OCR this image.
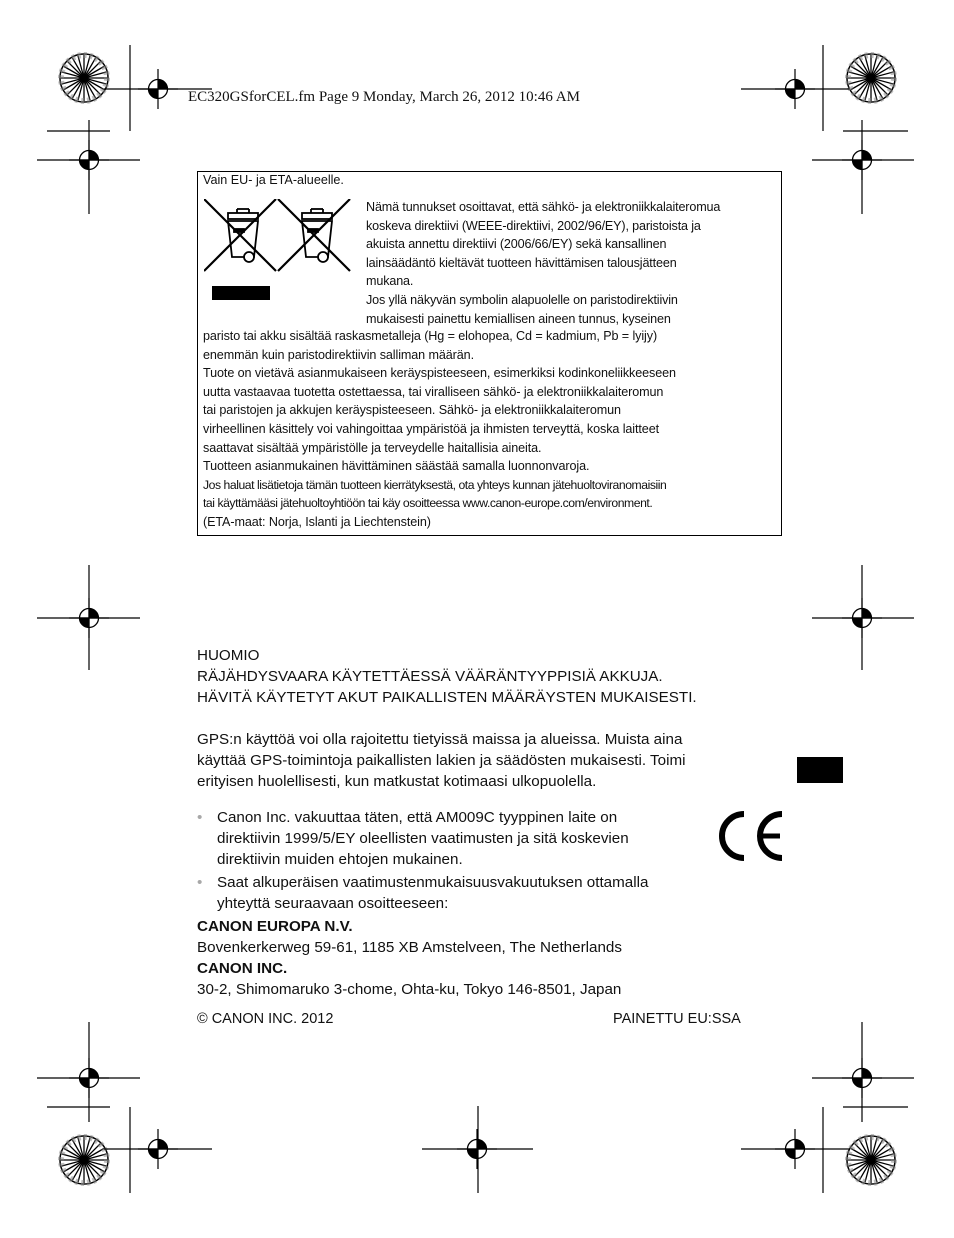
EC320GSforCEL.fm Page 9 Monday, March 26, 2012 10:46 AM
Vain EU- ja ETA-alueelle.
Nämä tunnukset osoittavat, että sähkö- ja elektroniikkalaiteromua
koskeva direktiivi (WEEE-direktiivi, 2002/96/EY), paristoista ja
akuista annettu direktiivi (2006/66/EY) sekä kansallinen
lainsäädäntö kieltävät tuotteen hävittämisen talousjätteen
mukana.
Jos yllä näkyvän symbolin alapuolelle on paristodirektiivin
mukaisesti painettu kemiallisen aineen tunnus, kyseinen
paristo tai akku sisältää raskasmetalleja (Hg = elohopea, Cd = kadmium, Pb = lyijy)
enemmän kuin paristodirektiivin salliman määrän.
Tuote on vietävä asianmukaiseen keräyspisteeseen, esimerkiksi kodinkoneliikkeeseen
uutta vastaavaa tuotetta ostettaessa, tai viralliseen sähkö- ja elektroniikkalaiteromun
tai paristojen ja akkujen keräyspisteeseen. Sähkö- ja elektroniikkalaiteromun
virheellinen käsittely voi vahingoittaa ympäristöä ja ihmisten terveyttä, koska laitteet
saattavat sisältää ympäristölle ja terveydelle haitallisia aineita.
Tuotteen asianmukainen hävittäminen säästää samalla luonnonvaroja.
Jos haluat lisätietoja tämän tuotteen kierrätyksestä, ota yhteys kunnan jätehuoltoviranomaisiin
tai käyttämääsi jätehuoltoyhtiöön tai käy osoitteessa www.canon-europe.com/environment.
(ETA-maat: Norja, Islanti ja Liechtenstein)
HUOMIO
RÄJÄHDYSVAARA KÄYTETTÄESSÄ VÄÄRÄNTYYPPISIÄ AKKUJA.
HÄVITÄ KÄYTETYT AKUT PAIKALLISTEN MÄÄRÄYSTEN MUKAISESTI.
GPS:n käyttöä voi olla rajoitettu tietyissä maissa ja alueissa. Muista aina
käyttää GPS-toimintoja paikallisten lakien ja säädösten mukaisesti. Toimi
erityisen huolellisesti, kun matkustat kotimaasi ulkopuolella.
• Canon Inc. vakuuttaa täten, että AM009C tyyppinen laite on
direktiivin 1999/5/EY oleellisten vaatimusten ja sitä koskevien
direktiivin muiden ehtojen mukainen.
• Saat alkuperäisen vaatimustenmukaisuusvakuutuksen ottamalla
yhteyttä seuraavaan osoitteeseen:
CANON EUROPA N.V.
Bovenkerkerweg 59-61, 1185 XB Amstelveen, The Netherlands
CANON INC.
30-2, Shimomaruko 3-chome, Ohta-ku, Tokyo 146-8501, Japan
© CANON INC. 2012	PAINETTU EU:SSA
